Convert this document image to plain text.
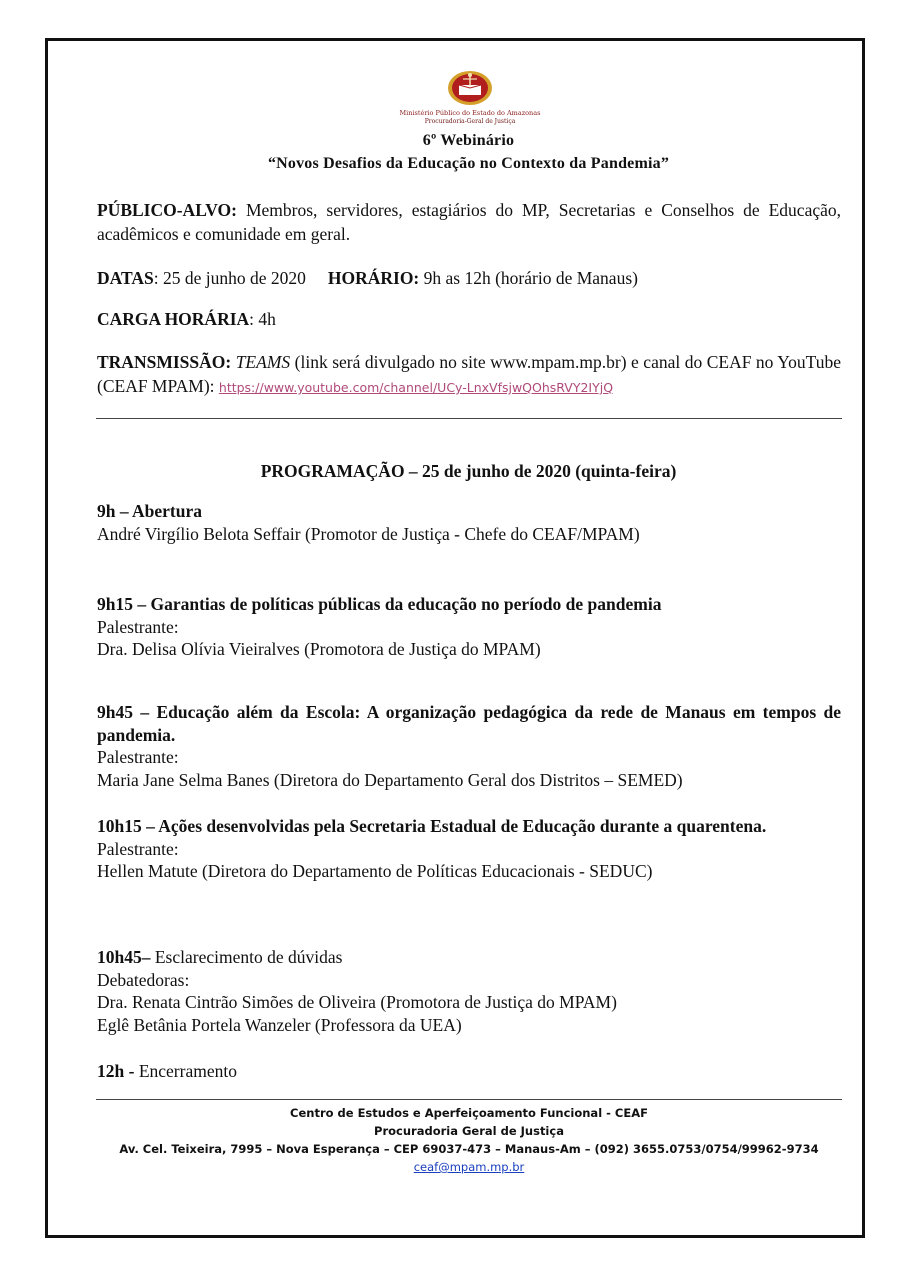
Ministério Público do Estado do Amazonas
Procuradoria-Geral de Justiça
6º Webinário
“Novos Desafios da Educação no Contexto da Pandemia”
PÚBLICO-ALVO: Membros, servidores, estagiários do MP, Secretarias e Conselhos de Educação, acadêmicos e comunidade em geral.
DATAS: 25 de junho de 2020 HORÁRIO: 9h as 12h (horário de Manaus)
CARGA HORÁRIA: 4h
TRANSMISSÃO: TEAMS (link será divulgado no site www.mpam.mp.br) e canal do CEAF no YouTube (CEAF MPAM): https://www.youtube.com/channel/UCy-LnxVfsjwQOhsRVY2IYjQ
PROGRAMAÇÃO – 25 de junho de 2020 (quinta-feira)
9h – Abertura
André Virgílio Belota Seffair (Promotor de Justiça - Chefe do CEAF/MPAM)
9h15 – Garantias de políticas públicas da educação no período de pandemia
Palestrante:
Dra. Delisa Olívia Vieiralves (Promotora de Justiça do MPAM)
9h45 – Educação além da Escola: A organização pedagógica da rede de Manaus em tempos de pandemia.
Palestrante:
Maria Jane Selma Banes (Diretora do Departamento Geral dos Distritos – SEMED)
10h15 – Ações desenvolvidas pela Secretaria Estadual de Educação durante a quarentena.
Palestrante:
Hellen Matute (Diretora do Departamento de Políticas Educacionais - SEDUC)
10h45– Esclarecimento de dúvidas
Debatedoras:
Dra. Renata Cintrão Simões de Oliveira (Promotora de Justiça do MPAM)
Eglê Betânia Portela Wanzeler (Professora da UEA)
12h - Encerramento
Centro de Estudos e Aperfeiçoamento Funcional - CEAF
Procuradoria Geral de Justiça
Av. Cel. Teixeira, 7995 – Nova Esperança – CEP 69037-473 – Manaus-Am – (092) 3655.0753/0754/99962-9734
ceaf@mpam.mp.br
